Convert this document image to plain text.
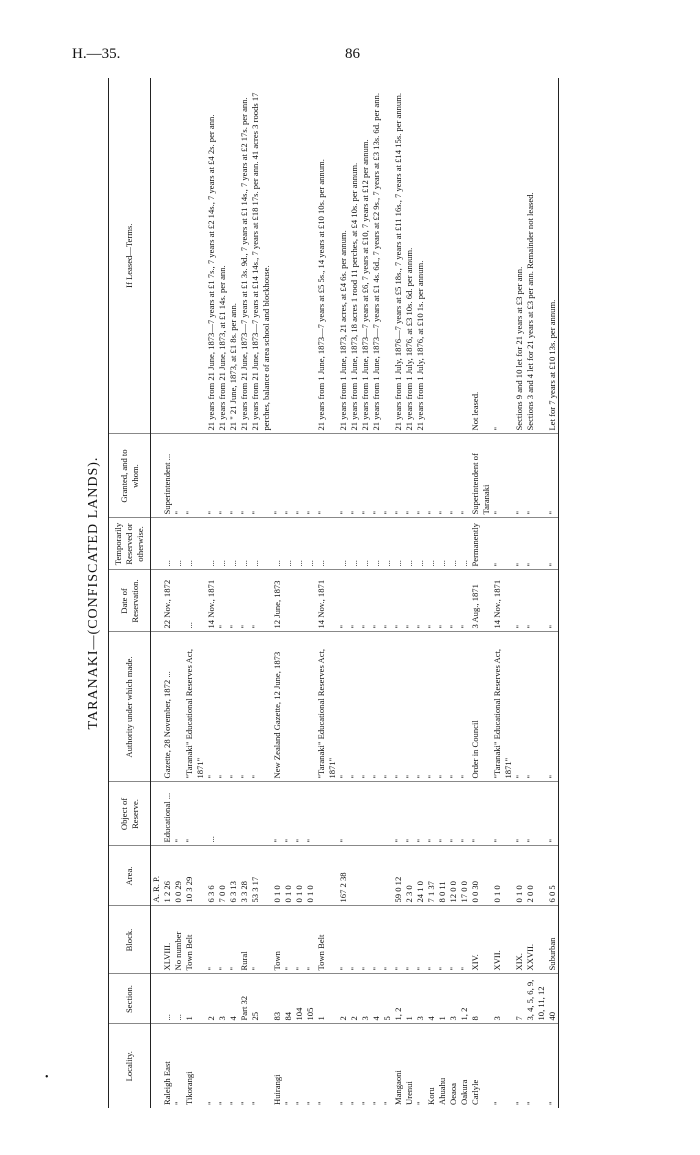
H.—35.	86
•
TARANAKI—(CONFISCATED LANDS).
Locality.	Section.	Block.	Area.	Object of Reserve.	Authority under which made.	Date of Reservation.	Temporarily Reserved or otherwise.	Granted, and to whom.	If Leased—Terms.
			A. R. P.						
Raleigh East	...	XLVIII.	1 2 26	Educational ...	Gazette, 28 November, 1872 ...	22 Nov., 1872	...	Superintendent ...	
"	...	No number	0 0 29	"			...	"	
Tikorangi	1	Town Belt	10 3 29	"	"Taranaki" Educational Reserves Act, 1871"	...	...	"	
"	2	"	6 3 6	...	"	14 Nov., 1871	...	"	21 years from 21 June, 1873—7 years at £1 7s., 7 years at £2 14s., 7 years at £4 2s. per ann.
"	3	"	7 0 0		"	"	...	"	21 years from 21 June, 1873, at £1 14s. per ann.
"	4	"	6 3 13		"	"	...	"	21 " 21 June, 1873, at £1 8s. per ann.
"	Part 32	Rural	3 3 28		"	"	...	"	21 years from 21 June, 1873—7 years at £1 3s. 9d., 7 years at £1 14s., 7 years at £2 17s. per ann.
"	25	"	53 3 17		"	"	...	"	21 years from 21 June, 1873—7 years at £14 14s., 7 years at £18 17s. per ann. 41 acres 3 roods 17 perches, balance of area school and blockhouse.
Huirangi	83	Town	0 1 0	"	New Zealand Gazette, 12 June, 1873	12 June, 1873	...	"	
"	84	"	0 1 0	"			...	"	
"	104	"	0 1 0	"			...	"	
"	105	"	0 1 0	"			...	"	
"	1	Town Belt			"Taranaki" Educational Reserves Act, 1871"	14 Nov., 1871	...	"	21 years from 1 June, 1873—7 years at £5 5s., 14 years at £10 10s. per annum.
"	2	"	167 2 38	"	"	"	...	"	21 years from 1 June, 1873, 21 acres, at £4 6s. per annum.
"	2	"			"	"	...	"	21 years from 1 June, 1873, 18 acres 1 rood 11 perches, at £4 10s. per annum.
"	3	"			"	"	...	"	21 years from 1 June, 1873—7 years at £6, 7 years at £10, 7 years at £12 per annum.
"	4	"			"	"	...	"	21 years from 1 June, 1873—7 years at £1 4s. 6d., 7 years at £2 9s., 7 years at £3 13s. 6d. per ann.
"	5	"			"	"	...	"	
Mangaoni	1, 2	"	59 0 12	"	"	"	...	"	21 years from 1 July, 1876—7 years at £5 18s., 7 years at £11 16s., 7 years at £14 15s. per annum.
Urenui	1	"	2 3 0	"	"	"	...	"	21 years from 1 July, 1876, at £3 10s. 6d. per annum.
"	3	"	24 1 0	"	"	"	...	"	21 years from 1 July, 1876, at £10 1s. per annum.
Koru	4	"	7 1 37	"	"	"	...	"	
Ahuahu	1	"	8 0 11	"	"	"	...	"	
Oeaoa	3	"	12 0 0	"	"	"	...	"	
Oakura	1, 2	"	17 0 0	"	"	"	...	"	
Carlyle	8	XIV.	0 0 30	"	Order in Council	3 Aug., 1871	Permanently	Superintendent of Taranaki	Not leased.
"	3	XVII.	0 1 0	"	"Taranaki" Educational Reserves Act, 1871"	14 Nov., 1871	"	"	"
"	7	XIX.	0 1 0	"	"	"	"	"	Sections 9 and 10 let for 21 years at £3 per ann.
"	3, 4, 5, 6, 9, 10, 11, 12	XXVII.	2 0 0	"	"	"	"	"	Sections 3 and 4 let for 21 years at £3 per ann. Remainder not leased.
"	40	Suburban	6 0 5	"	"	"	"	"	Let for 7 years at £10 13s. per annum.
